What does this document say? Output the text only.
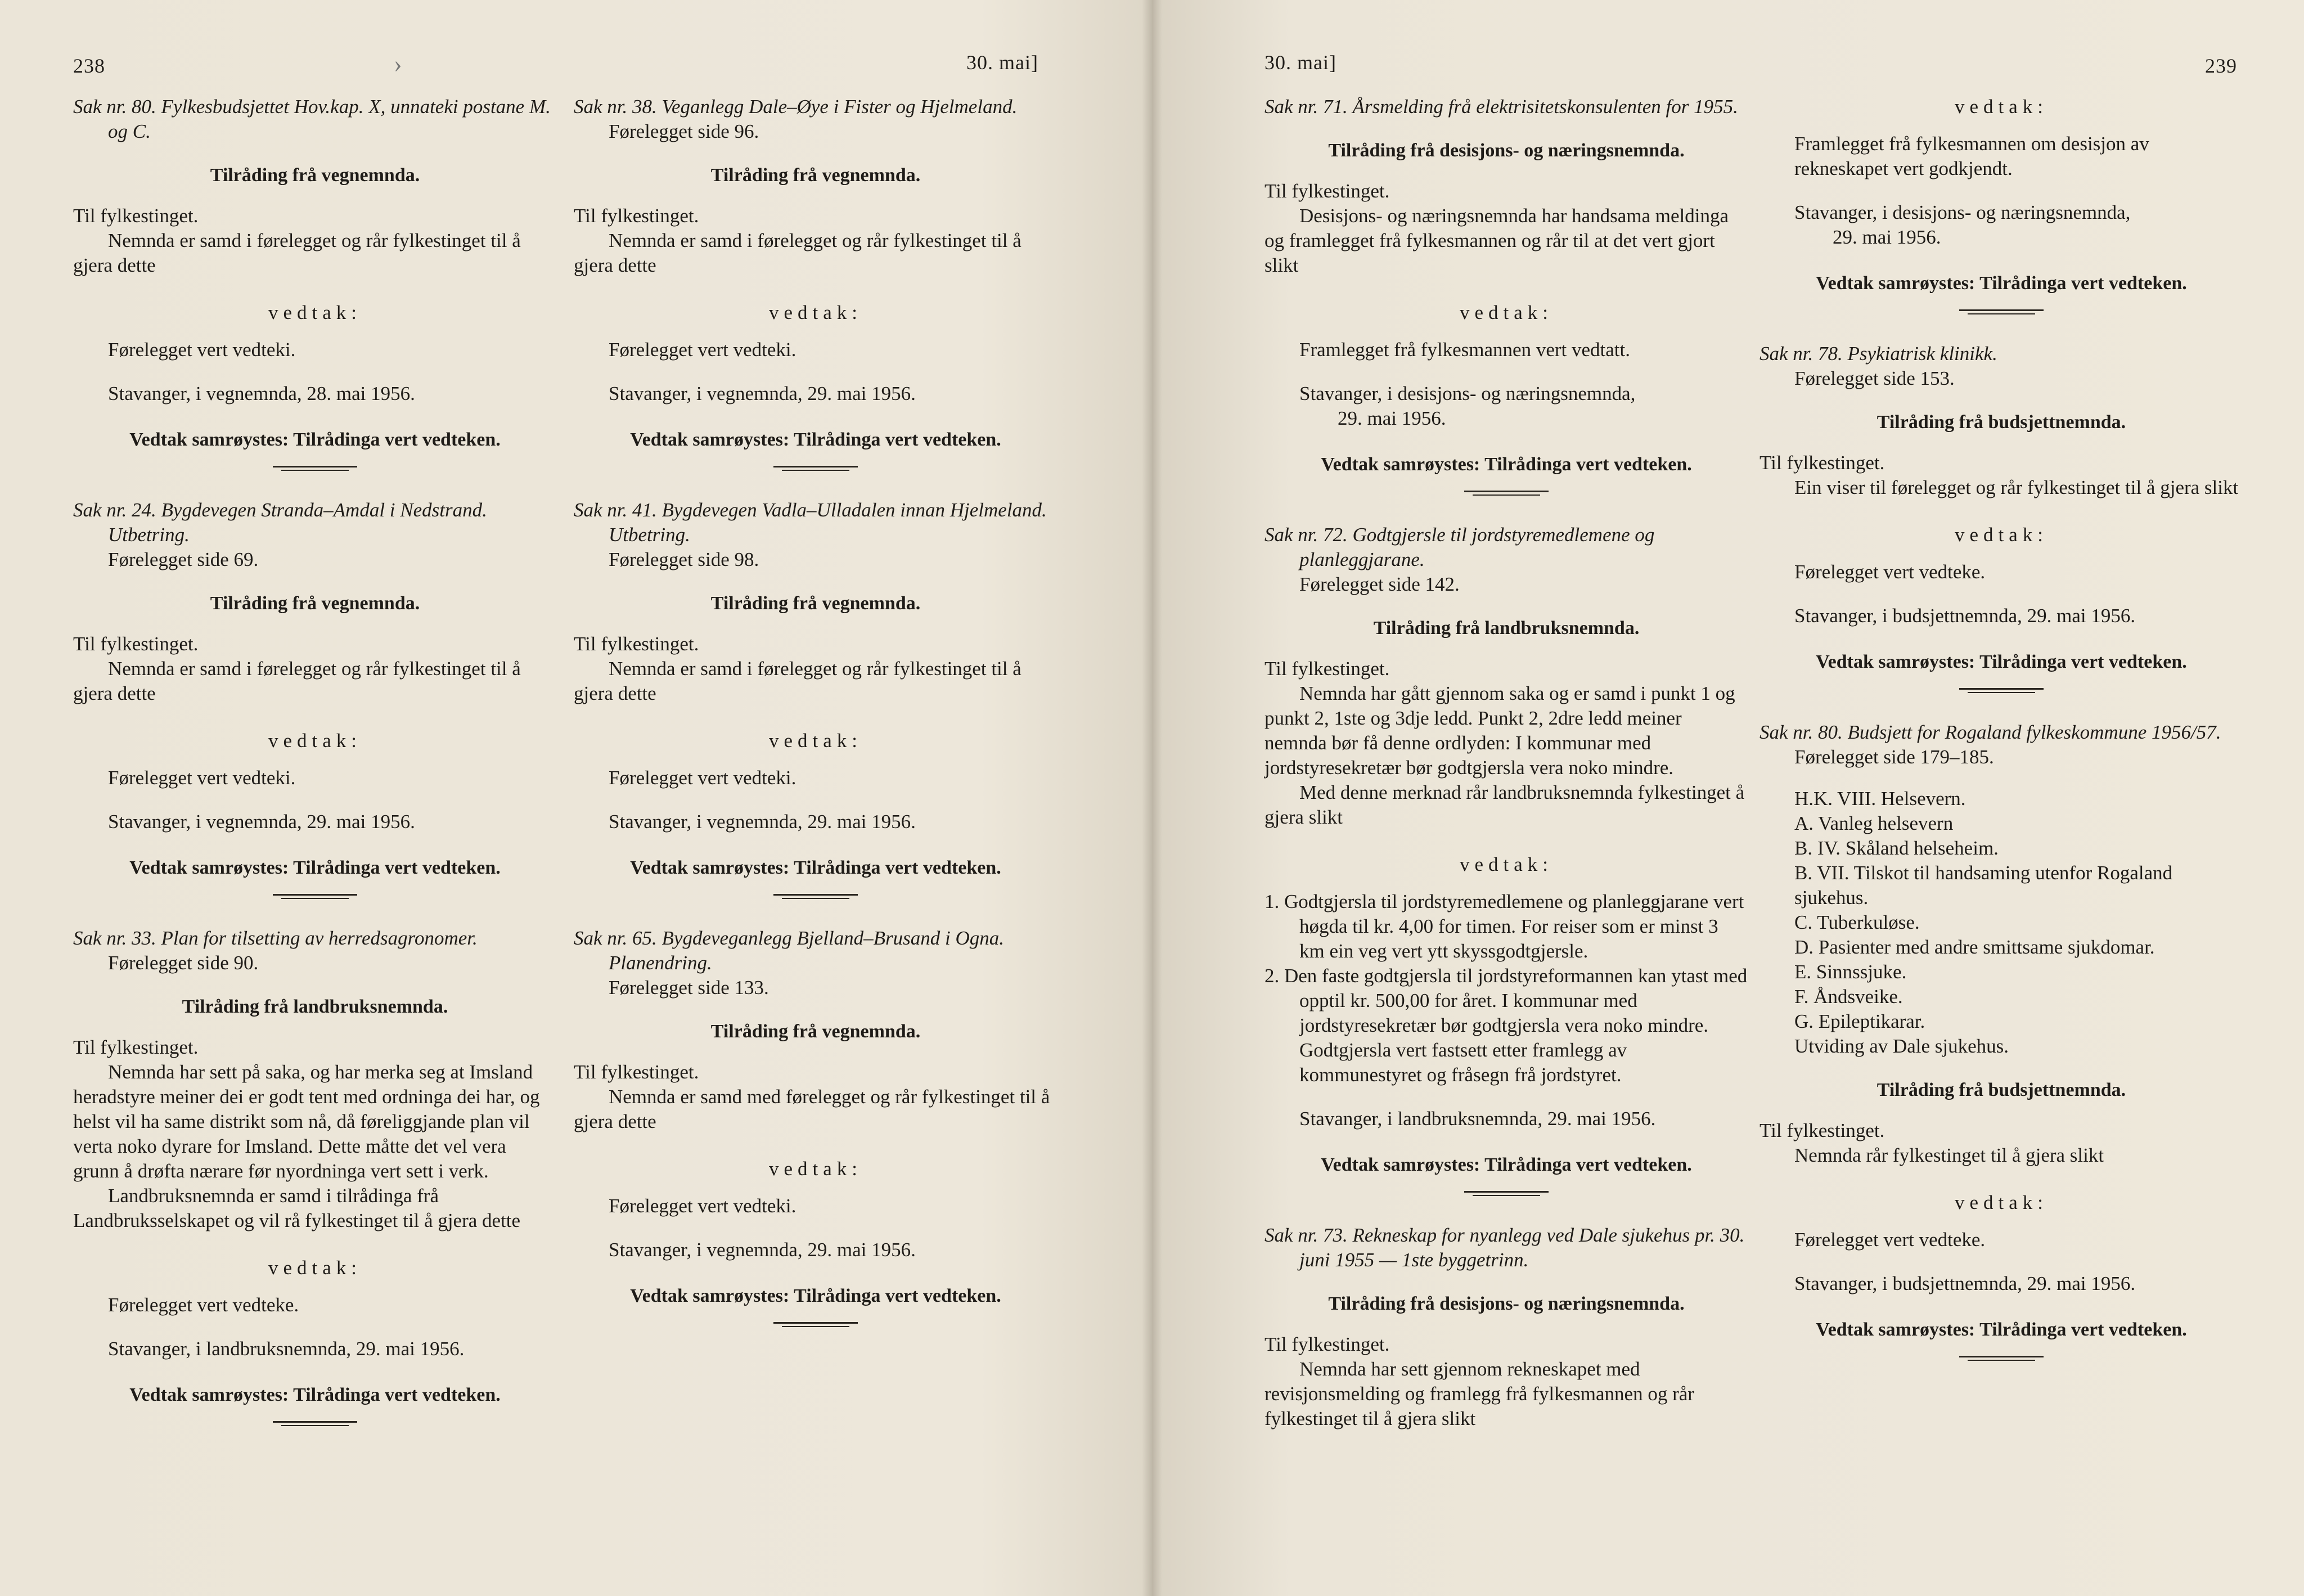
238	›	30. mai]
Sak nr. 80. Fylkesbudsjettet Hov.kap. X, unnateki postane M. og C.
Tilråding frå vegnemnda.
Til fylkestinget.
Nemnda er samd i førelegget og rår fylkestinget til å gjera dette
vedtak:
Førelegget vert vedteki.
Stavanger, i vegnemnda, 28. mai 1956.
Vedtak samrøystes: Tilrådinga vert vedteken.
Sak nr. 24. Bygdevegen Stranda–Amdal i Nedstrand. Utbetring.
Førelegget side 69.
Tilråding frå vegnemnda.
Til fylkestinget.
Nemnda er samd i førelegget og rår fylkestinget til å gjera dette
vedtak:
Førelegget vert vedteki.
Stavanger, i vegnemnda, 29. mai 1956.
Vedtak samrøystes: Tilrådinga vert vedteken.
Sak nr. 33. Plan for tilsetting av herredsagronomer.
Førelegget side 90.
Tilråding frå landbruksnemnda.
Til fylkestinget.
Nemnda har sett på saka, og har merka seg at Imsland heradstyre meiner dei er godt tent med ordninga dei har, og helst vil ha same distrikt som nå, då føreliggjande plan vil verta noko dyrare for Imsland. Dette måtte det vel vera grunn å drøfta nærare før nyordninga vert sett i verk.
Landbruksnemnda er samd i tilrådinga frå Landbruksselskapet og vil rå fylkestinget til å gjera dette
vedtak:
Førelegget vert vedteke.
Stavanger, i landbruksnemnda, 29. mai 1956.
Vedtak samrøystes: Tilrådinga vert vedteken.
Sak nr. 38. Veganlegg Dale–Øye i Fister og Hjelmeland.
Førelegget side 96.
Tilråding frå vegnemnda.
Til fylkestinget.
Nemnda er samd i førelegget og rår fylkestinget til å gjera dette
vedtak:
Førelegget vert vedteki.
Stavanger, i vegnemnda, 29. mai 1956.
Vedtak samrøystes: Tilrådinga vert vedteken.
Sak nr. 41. Bygdevegen Vadla–Ulladalen innan Hjelmeland. Utbetring.
Førelegget side 98.
Tilråding frå vegnemnda.
Til fylkestinget.
Nemnda er samd i førelegget og rår fylkestinget til å gjera dette
vedtak:
Førelegget vert vedteki.
Stavanger, i vegnemnda, 29. mai 1956.
Vedtak samrøystes: Tilrådinga vert vedteken.
Sak nr. 65. Bygdeveganlegg Bjelland–Brusand i Ogna. Planendring.
Førelegget side 133.
Tilråding frå vegnemnda.
Til fylkestinget.
Nemnda er samd med førelegget og rår fylkestinget til å gjera dette
vedtak:
Førelegget vert vedteki.
Stavanger, i vegnemnda, 29. mai 1956.
Vedtak samrøystes: Tilrådinga vert vedteken.
30. mai]	239
Sak nr. 71. Årsmelding frå elektrisitetskonsulenten for 1955.
Tilråding frå desisjons- og næringsnemnda.
Til fylkestinget.
Desisjons- og næringsnemnda har handsama meldinga og framlegget frå fylkesmannen og rår til at det vert gjort slikt
vedtak:
Framlegget frå fylkesmannen vert vedtatt.
Stavanger, i desisjons- og næringsnemnda,
29. mai 1956.
Vedtak samrøystes: Tilrådinga vert vedteken.
Sak nr. 72. Godtgjersle til jordstyremedlemene og planleggjarane.
Førelegget side 142.
Tilråding frå landbruksnemnda.
Til fylkestinget.
Nemnda har gått gjennom saka og er samd i punkt 1 og punkt 2, 1ste og 3dje ledd. Punkt 2, 2dre ledd meiner nemnda bør få denne ordlyden: I kommunar med jordstyresekretær bør godtgjersla vera noko mindre.
Med denne merknad rår landbruksnemnda fylkestinget å gjera slikt
vedtak:
1. Godtgjersla til jordstyremedlemene og planleggjarane vert høgda til kr. 4,00 for timen. For reiser som er minst 3 km ein veg vert ytt skyssgodtgjersle.
2. Den faste godtgjersla til jordstyreformannen kan ytast med opptil kr. 500,00 for året. I kommunar med jordstyresekretær bør godtgjersla vera noko mindre. Godtgjersla vert fastsett etter framlegg av kommunestyret og fråsegn frå jordstyret.
Stavanger, i landbruksnemnda, 29. mai 1956.
Vedtak samrøystes: Tilrådinga vert vedteken.
Sak nr. 73. Rekneskap for nyanlegg ved Dale sjukehus pr. 30. juni 1955 — 1ste byggetrinn.
Tilråding frå desisjons- og næringsnemnda.
Til fylkestinget.
Nemnda har sett gjennom rekneskapet med revisjonsmelding og framlegg frå fylkesmannen og rår fylkestinget til å gjera slikt
vedtak:
Framlegget frå fylkesmannen om desisjon av rekneskapet vert godkjendt.
Stavanger, i desisjons- og næringsnemnda,
29. mai 1956.
Vedtak samrøystes: Tilrådinga vert vedteken.
Sak nr. 78. Psykiatrisk klinikk.
Førelegget side 153.
Tilråding frå budsjettnemnda.
Til fylkestinget.
Ein viser til førelegget og rår fylkestinget til å gjera slikt
vedtak:
Førelegget vert vedteke.
Stavanger, i budsjettnemnda, 29. mai 1956.
Vedtak samrøystes: Tilrådinga vert vedteken.
Sak nr. 80. Budsjett for Rogaland fylkeskommune 1956/57.
Førelegget side 179–185.
H.K. VIII. Helsevern.
A. Vanleg helsevern
B. IV. Skåland helseheim.
B. VII. Tilskot til handsaming utenfor Rogaland sjukehus.
C. Tuberkuløse.
D. Pasienter med andre smittsame sjukdomar.
E. Sinnssjuke.
F. Åndsveike.
G. Epileptikarar.
Utviding av Dale sjukehus.
Tilråding frå budsjettnemnda.
Til fylkestinget.
Nemnda rår fylkestinget til å gjera slikt
vedtak:
Førelegget vert vedteke.
Stavanger, i budsjettnemnda, 29. mai 1956.
Vedtak samrøystes: Tilrådinga vert vedteken.
